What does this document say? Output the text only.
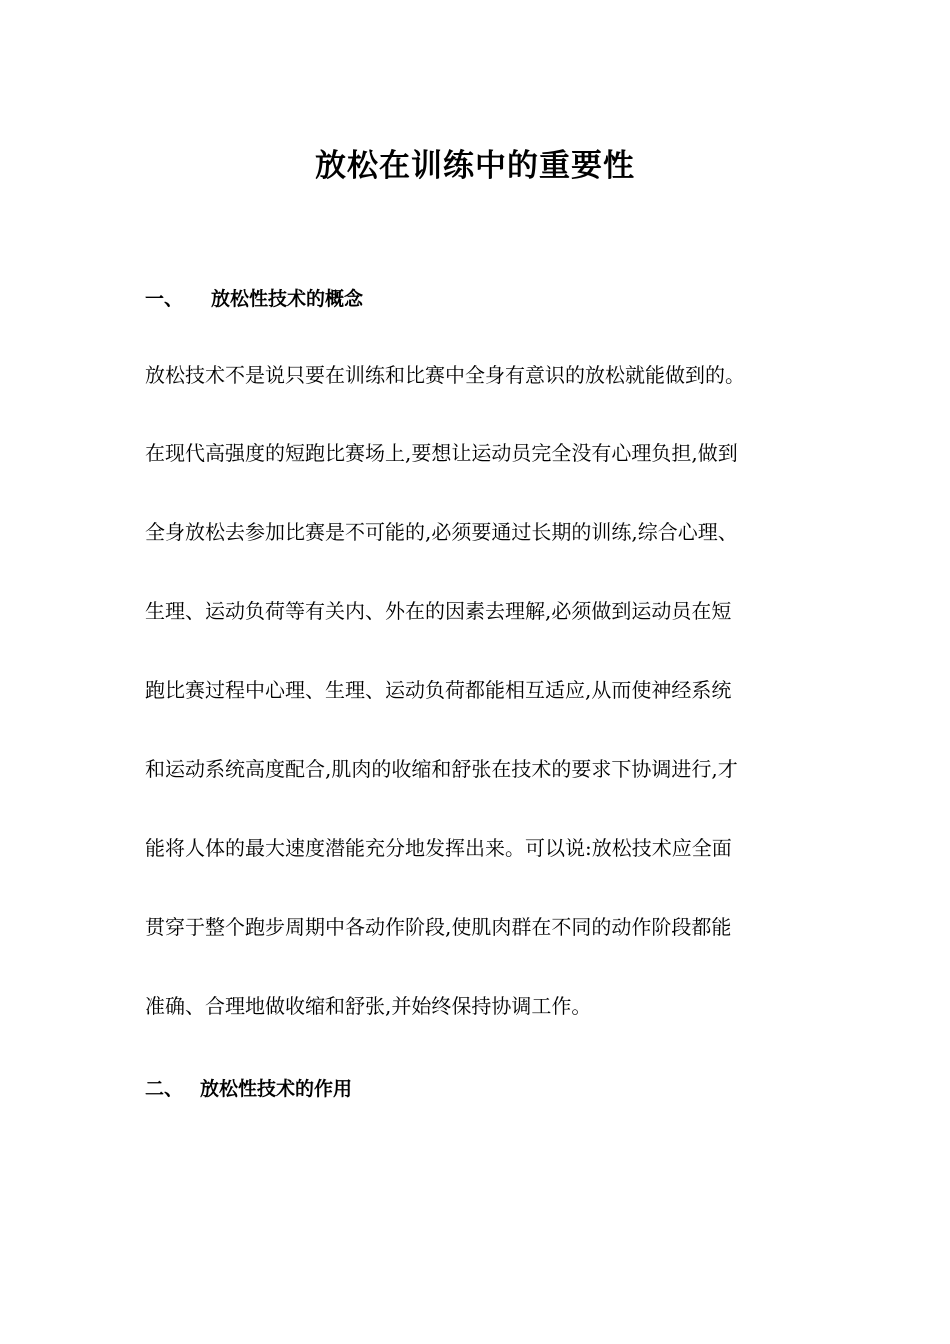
放松在训练中的重要性
一、 放松性技术的概念

放松技术不是说只要在训练和比赛中全身有意识的放松就能做到的。

在现代高强度的短跑比赛场上,要想让运动员完全没有心理负担,做到

全身放松去参加比赛是不可能的,必须要通过长期的训练,综合心理、

生理、运动负荷等有关内、外在的因素去理解,必须做到运动员在短

跑比赛过程中心理、生理、运动负荷都能相互适应,从而使神经系统

和运动系统高度配合,肌肉的收缩和舒张在技术的要求下协调进行,才

能将人体的最大速度潜能充分地发挥出来。可以说:放松技术应全面

贯穿于整个跑步周期中各动作阶段,使肌肉群在不同的动作阶段都能

准确、合理地做收缩和舒张,并始终保持协调工作。

二、 放松性技术的作用
